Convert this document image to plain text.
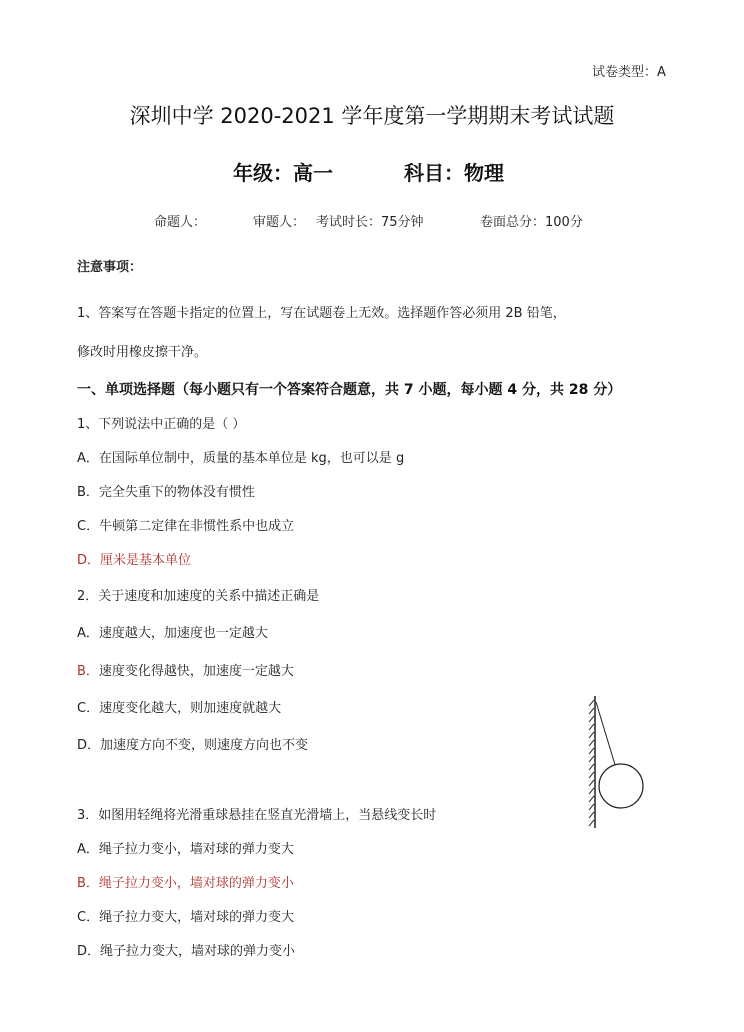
试卷类型：A
深圳中学 2020-2021 学年度第一学期期末考试试题
年级：高一	科目：物理
命题人：	审题人： 考试时长：75分钟	卷面总分：100分
注意事项：
1、答案写在答题卡指定的位置上，写在试题卷上无效。选择题作答必须用 2B 铅笔，
修改时用橡皮擦干净。
一、单项选择题（每小题只有一个答案符合题意，共 7 小题，每小题 4 分，共 28 分）
1、下列说法中正确的是（ ）
A．在国际单位制中，质量的基本单位是 kg，也可以是 g
B．完全失重下的物体没有惯性
C．牛顿第二定律在非惯性系中也成立
D．厘米是基本单位
2．关于速度和加速度的关系中描述正确是
A．速度越大，加速度也一定越大
B．速度变化得越快，加速度一定越大
C．速度变化越大，则加速度就越大
D．加速度方向不变，则速度方向也不变
3．如图用轻绳将光滑重球悬挂在竖直光滑墙上，当悬线变长时
A．绳子拉力变小，墙对球的弹力变大
B．绳子拉力变小，墙对球的弹力变小
C．绳子拉力变大，墙对球的弹力变大
D．绳子拉力变大，墙对球的弹力变小
